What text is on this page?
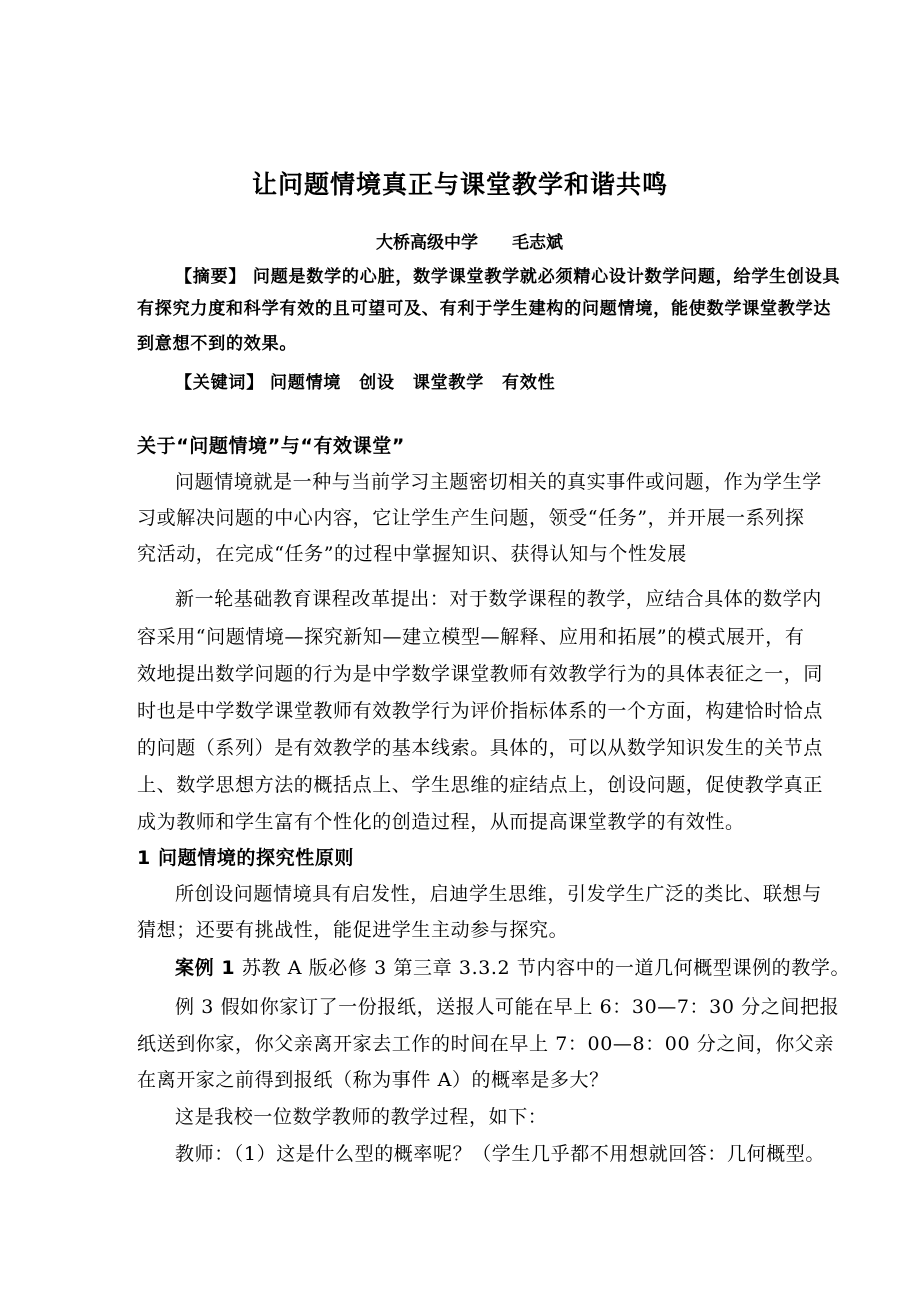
让问题情境真正与课堂教学和谐共鸣
大桥高级中学 毛志斌
【摘要】 问题是数学的心脏，数学课堂教学就必须精心设计数学问题，给学生创设具
有探究力度和科学有效的且可望可及、有利于学生建构的问题情境，能使数学课堂教学达
到意想不到的效果。
【关键词】 问题情境 创设 课堂教学 有效性
关于“问题情境”与“有效课堂”
问题情境就是一种与当前学习主题密切相关的真实事件或问题，作为学生学
习或解决问题的中心内容，它让学生产生问题，领受“任务”，并开展一系列探
究活动，在完成“任务”的过程中掌握知识、获得认知与个性发展
新一轮基础教育课程改革提出：对于数学课程的教学，应结合具体的数学内
容采用“问题情境—探究新知—建立模型—解释、应用和拓展”的模式展开，有
效地提出数学问题的行为是中学数学课堂教师有效教学行为的具体表征之一，同
时也是中学数学课堂教师有效教学行为评价指标体系的一个方面，构建恰时恰点
的问题（系列）是有效教学的基本线索。具体的，可以从数学知识发生的关节点
上、数学思想方法的概括点上、学生思维的症结点上，创设问题，促使教学真正
成为教师和学生富有个性化的创造过程，从而提高课堂教学的有效性。
1 问题情境的探究性原则
所创设问题情境具有启发性，启迪学生思维，引发学生广泛的类比、联想与
猜想；还要有挑战性，能促进学生主动参与探究。
案例 1 苏教 A 版必修 3 第三章 3.3.2 节内容中的一道几何概型课例的教学。
例 3 假如你家订了一份报纸，送报人可能在早上 6：30—7：30 分之间把报
纸送到你家，你父亲离开家去工作的时间在早上 7：00—8：00 分之间，你父亲
在离开家之前得到报纸（称为事件 A）的概率是多大？
这是我校一位数学教师的教学过程，如下：
教师：（1）这是什么型的概率呢？（学生几乎都不用想就回答：几何概型。
